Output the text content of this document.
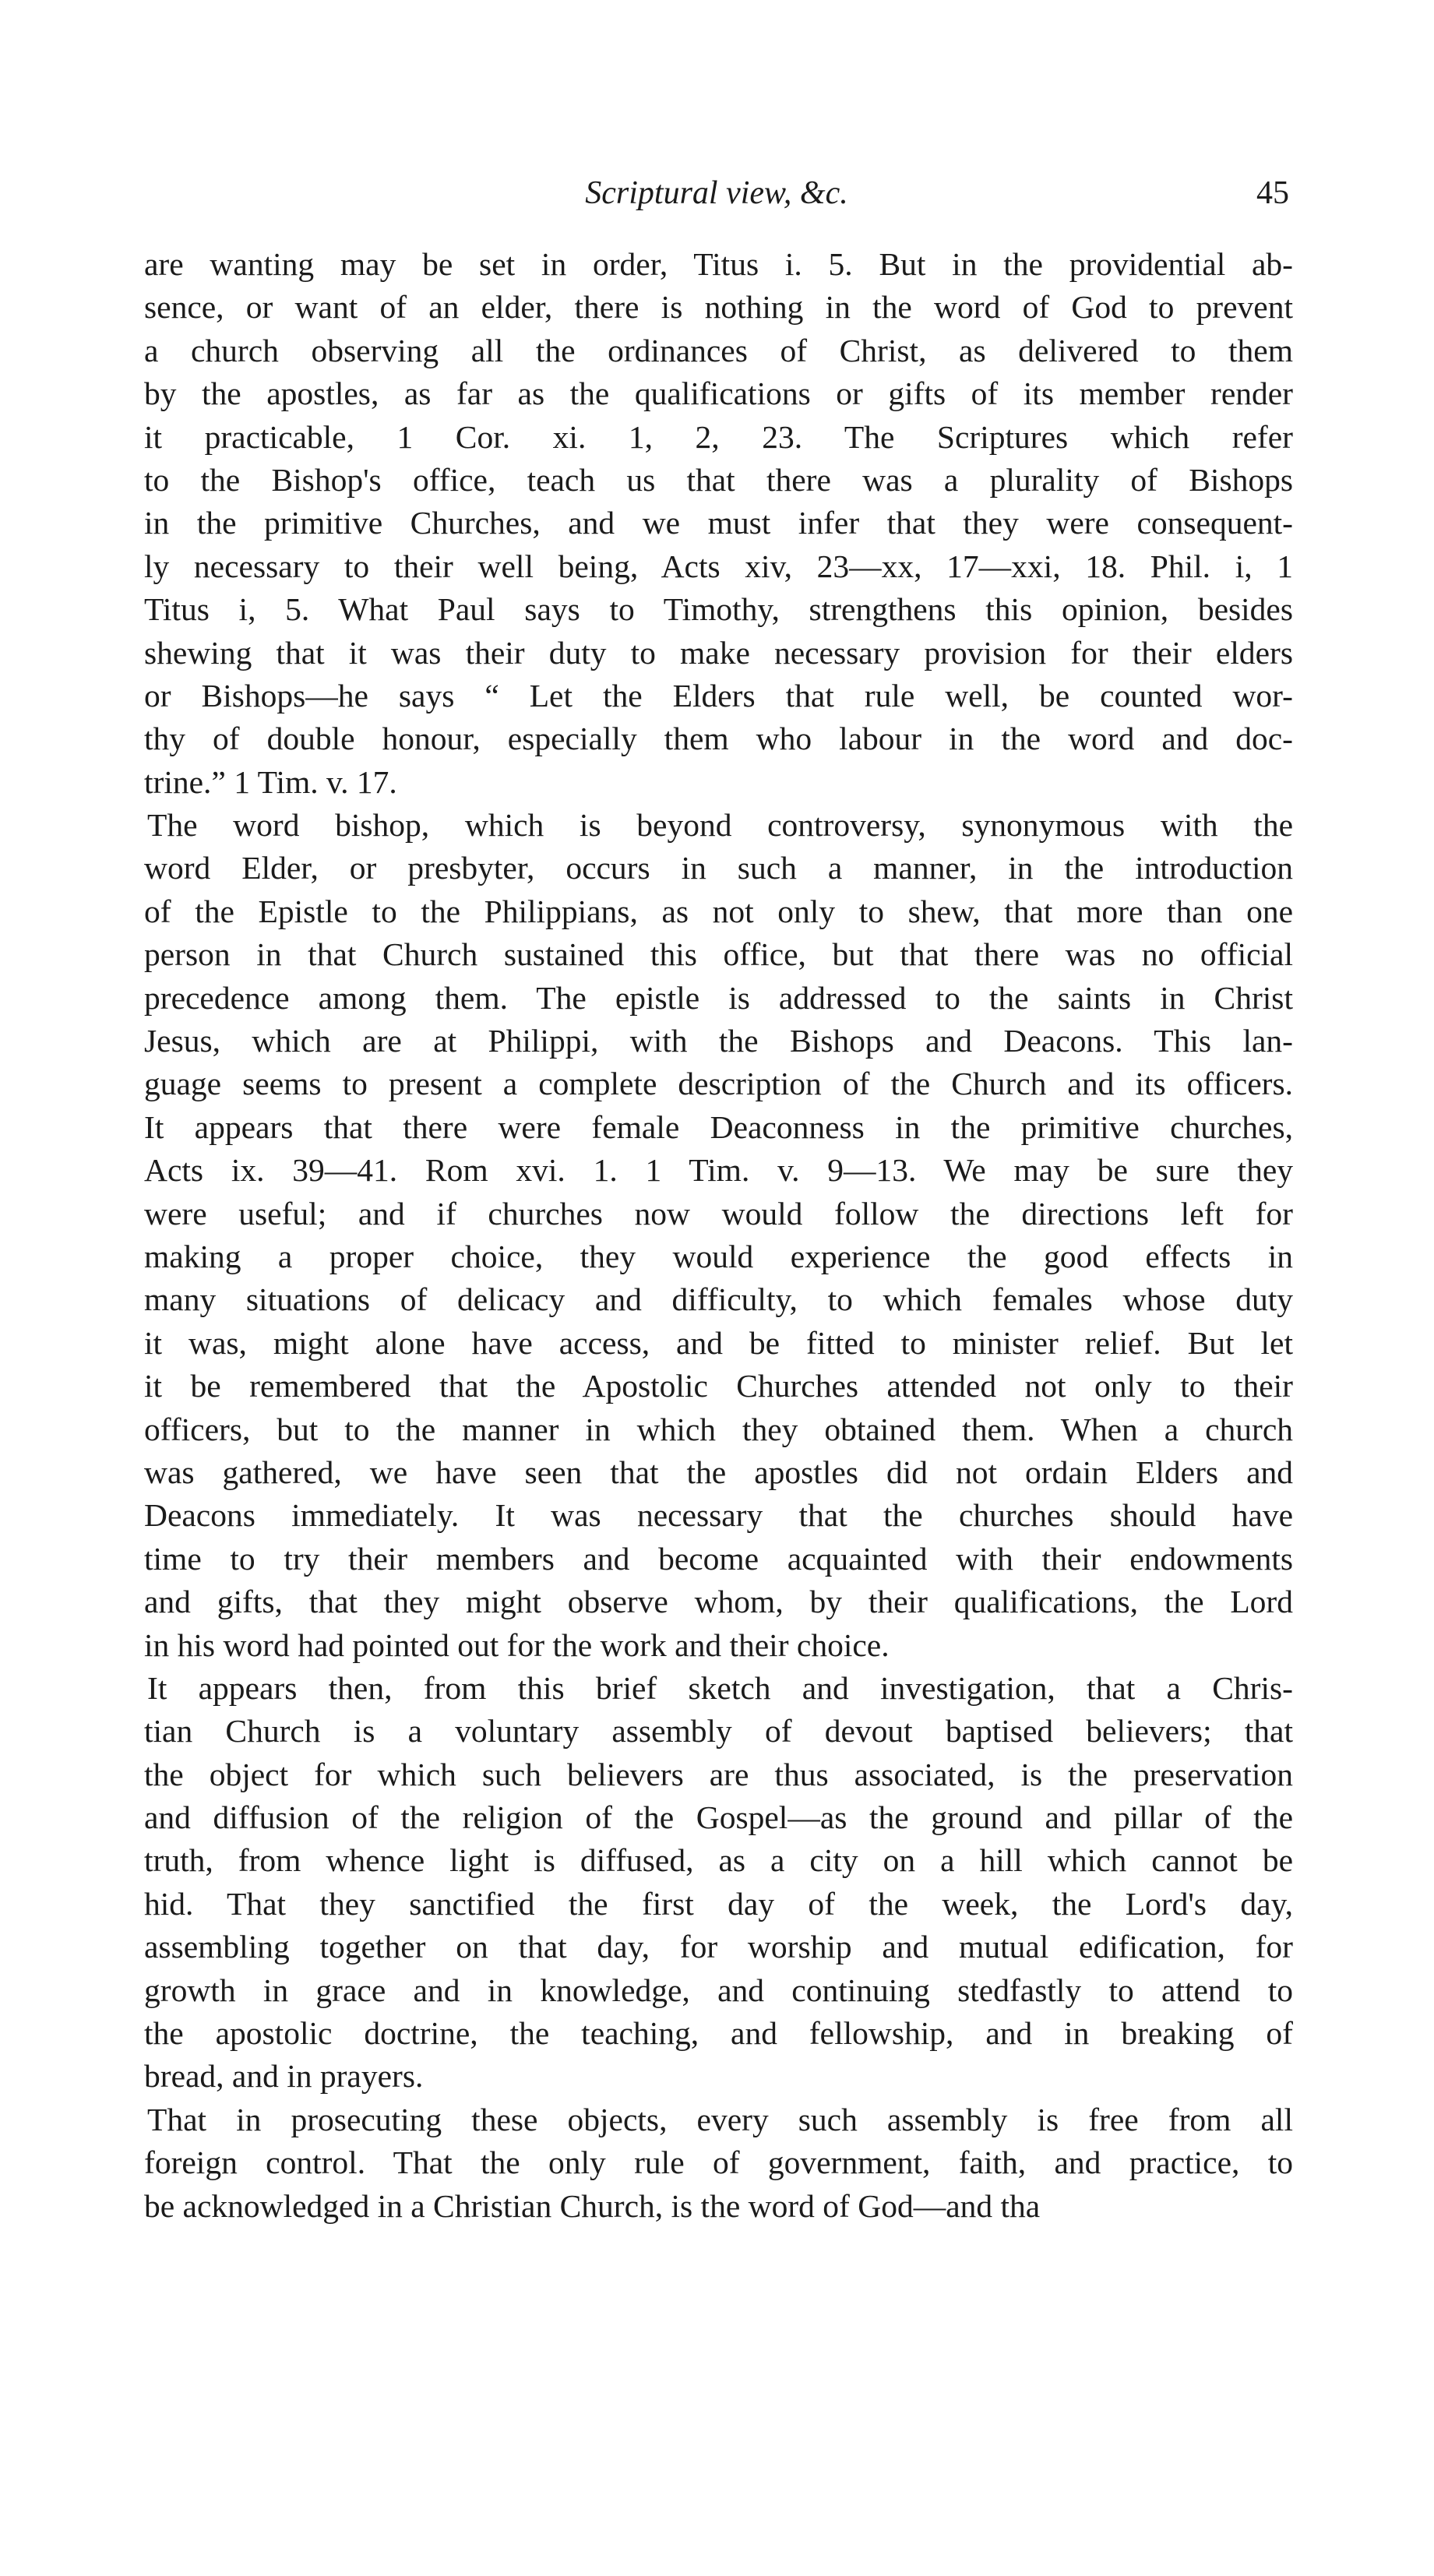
Scriptural view, &c.	45

are wanting may be set in order, Titus i. 5. But in the providential ab-
sence, or want of an elder, there is nothing in the word of God to prevent
a church observing all the ordinances of Christ, as delivered to them
by the apostles, as far as the qualifications or gifts of its member render
it practicable, 1 Cor. xi. 1, 2, 23. The Scriptures which refer
to the Bishop's office, teach us that there was a plurality of Bishops
in the primitive Churches, and we must infer that they were consequent-
ly necessary to their well being, Acts xiv, 23—xx, 17—xxi, 18. Phil. i, 1
Titus i, 5. What Paul says to Timothy, strengthens this opinion, besides
shewing that it was their duty to make necessary provision for their elders
or Bishops—he says “ Let the Elders that rule well, be counted wor-
thy of double honour, especially them who labour in the word and doc-
trine.” 1 Tim. v. 17.

The word bishop, which is beyond controversy, synonymous with the
word Elder, or presbyter, occurs in such a manner, in the introduction
of the Epistle to the Philippians, as not only to shew, that more than one
person in that Church sustained this office, but that there was no official
precedence among them. The epistle is addressed to the saints in Christ
Jesus, which are at Philippi, with the Bishops and Deacons. This lan-
guage seems to present a complete description of the Church and its officers.
It appears that there were female Deaconness in the primitive churches,
Acts ix. 39—41. Rom xvi. 1. 1 Tim. v. 9—13. We may be sure they
were useful; and if churches now would follow the directions left for
making a proper choice, they would experience the good effects in
many situations of delicacy and difficulty, to which females whose duty
it was, might alone have access, and be fitted to minister relief. But let
it be remembered that the Apostolic Churches attended not only to their
officers, but to the manner in which they obtained them. When a church
was gathered, we have seen that the apostles did not ordain Elders and
Deacons immediately. It was necessary that the churches should have
time to try their members and become acquainted with their endowments
and gifts, that they might observe whom, by their qualifications, the Lord
in his word had pointed out for the work and their choice.

It appears then, from this brief sketch and investigation, that a Chris-
tian Church is a voluntary assembly of devout baptised believers; that
the object for which such believers are thus associated, is the preservation
and diffusion of the religion of the Gospel—as the ground and pillar of the
truth, from whence light is diffused, as a city on a hill which cannot be
hid. That they sanctified the first day of the week, the Lord's day,
assembling together on that day, for worship and mutual edification, for
growth in grace and in knowledge, and continuing stedfastly to attend to
the apostolic doctrine, the teaching, and fellowship, and in breaking of
bread, and in prayers.

That in prosecuting these objects, every such assembly is free from all
foreign control. That the only rule of government, faith, and practice, to
be acknowledged in a Christian Church, is the word of God—and tha
